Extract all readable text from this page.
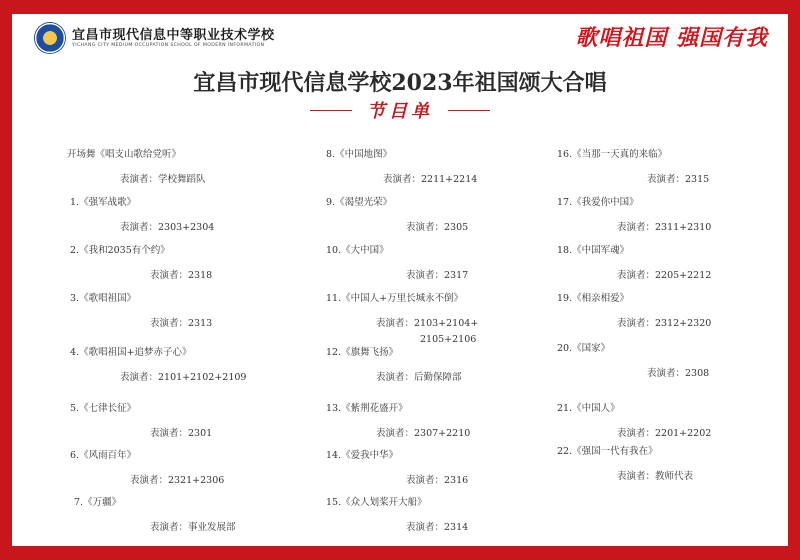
宜昌市现代信息中等职业技术学校
YICHANG CITY MEDIUM OCCUPATION SCHOOL OF MODERN INFORMATION	歌唱祖国 强国有我
宜昌市现代信息学校2023年祖国颂大合唱
节目单
开场舞《唱支山歌给党听》
表演者：学校舞蹈队
1.《强军战歌》
表演者：2303+2304
2.《我和2035有个约》
表演者：2318
3.《歌唱祖国》
表演者：2313
4.《歌唱祖国+追梦赤子心》
表演者：2101+2102+2109
5.《七律长征》
表演者：2301
6.《风雨百年》
表演者：2321+2306
7.《万疆》
表演者：事业发展部
8.《中国地图》
表演者：2211+2214
9.《渴望光荣》
表演者：2305
10.《大中国》
表演者：2317
11.《中国人+万里长城永不倒》
表演者：2103+2104+
2105+2106
12.《旗舞飞扬》
表演者：后勤保障部
13.《紫荆花盛开》
表演者：2307+2210
14.《爱我中华》
表演者：2316
15.《众人划桨开大船》
表演者：2314
16.《当那一天真的来临》
表演者：2315
17.《我爱你中国》
表演者：2311+2310
18.《中国军魂》
表演者：2205+2212
19.《相亲相爱》
表演者：2312+2320
20.《国家》
表演者：2308
21.《中国人》
表演者：2201+2202
22.《强国一代有我在》
表演者：教师代表
